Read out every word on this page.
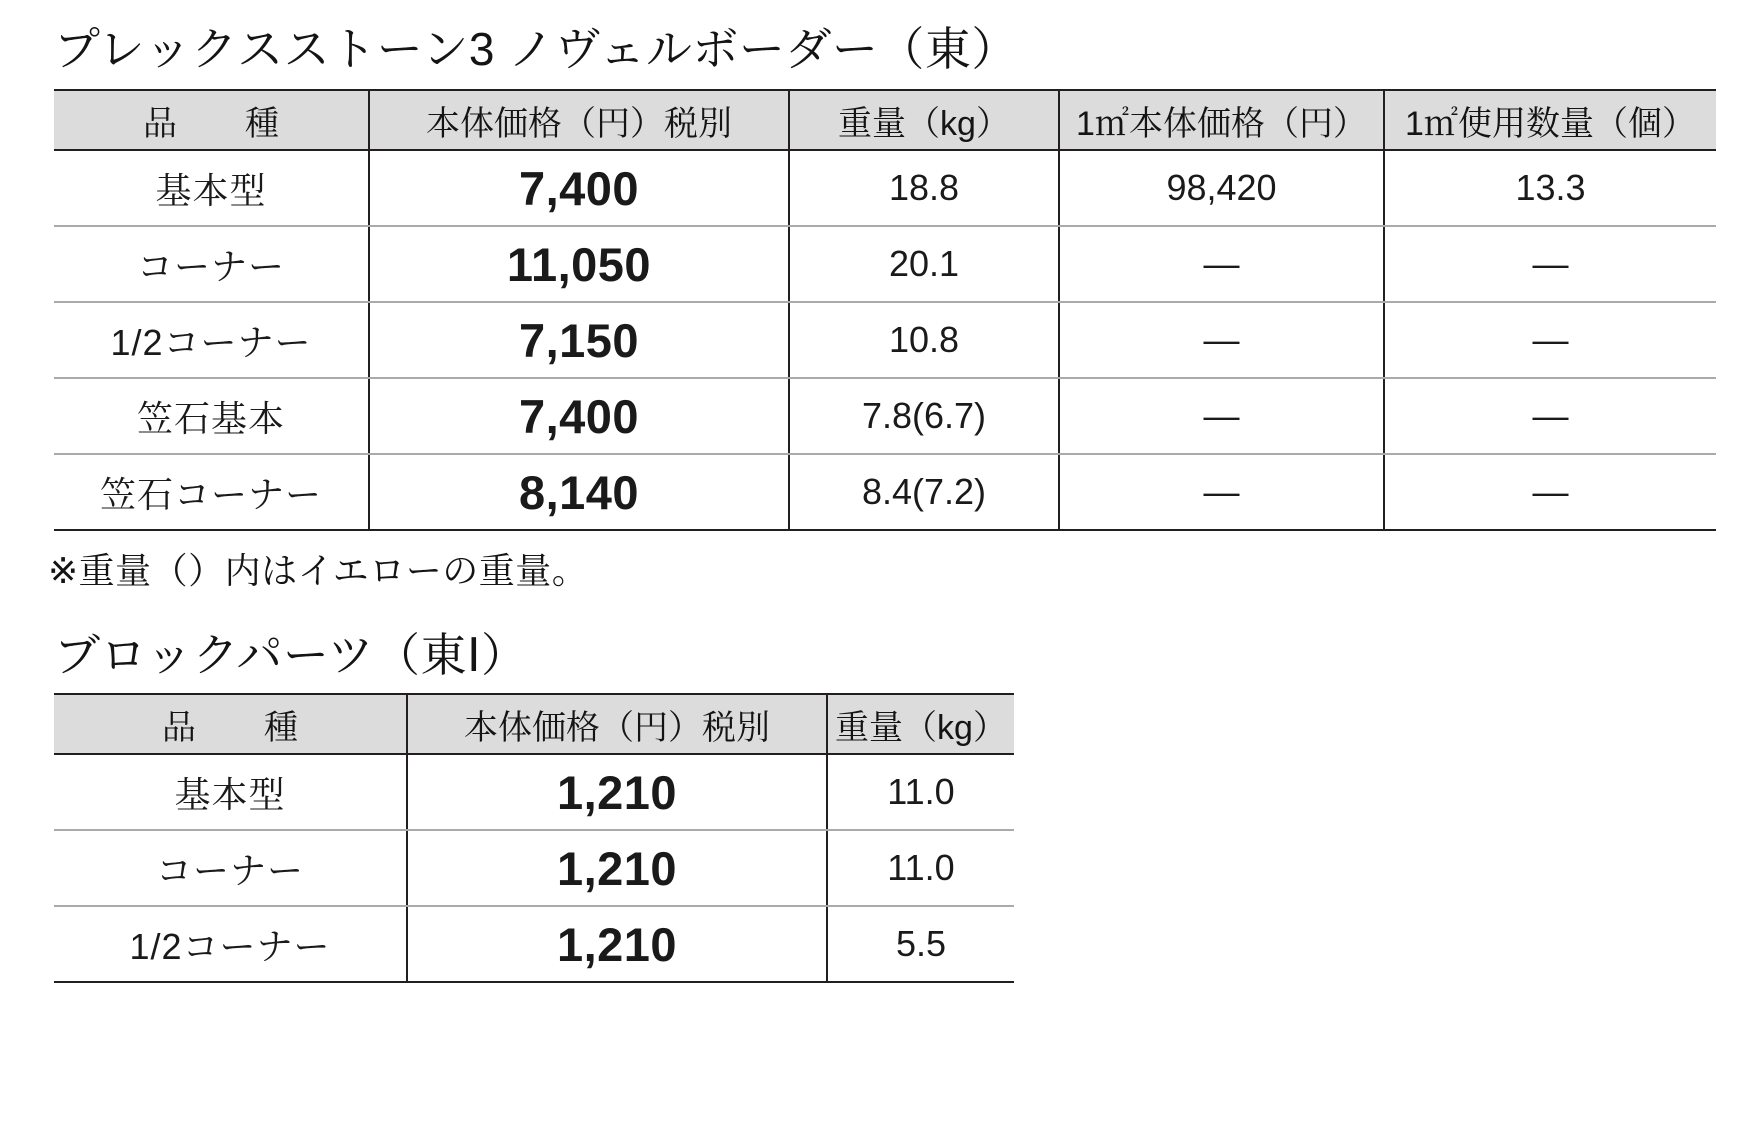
プレックスストーン3 ノヴェルボーダー（東）
品　　種	本体価格（円）税別	重量（kg）	1㎡本体価格（円）	1㎡使用数量（個）
基本型	7,400	18.8	98,420	13.3
コーナー	11,050	20.1	—	—
1/2コーナー	7,150	10.8	—	—
笠石基本	7,400	7.8(6.7)	—	—
笠石コーナー	8,140	8.4(7.2)	—	—
※重量（）内はイエローの重量。
ブロックパーツ（東Ⅰ）
品　　種	本体価格（円）税別	重量（kg）
基本型	1,210	11.0
コーナー	1,210	11.0
1/2コーナー	1,210	5.5
